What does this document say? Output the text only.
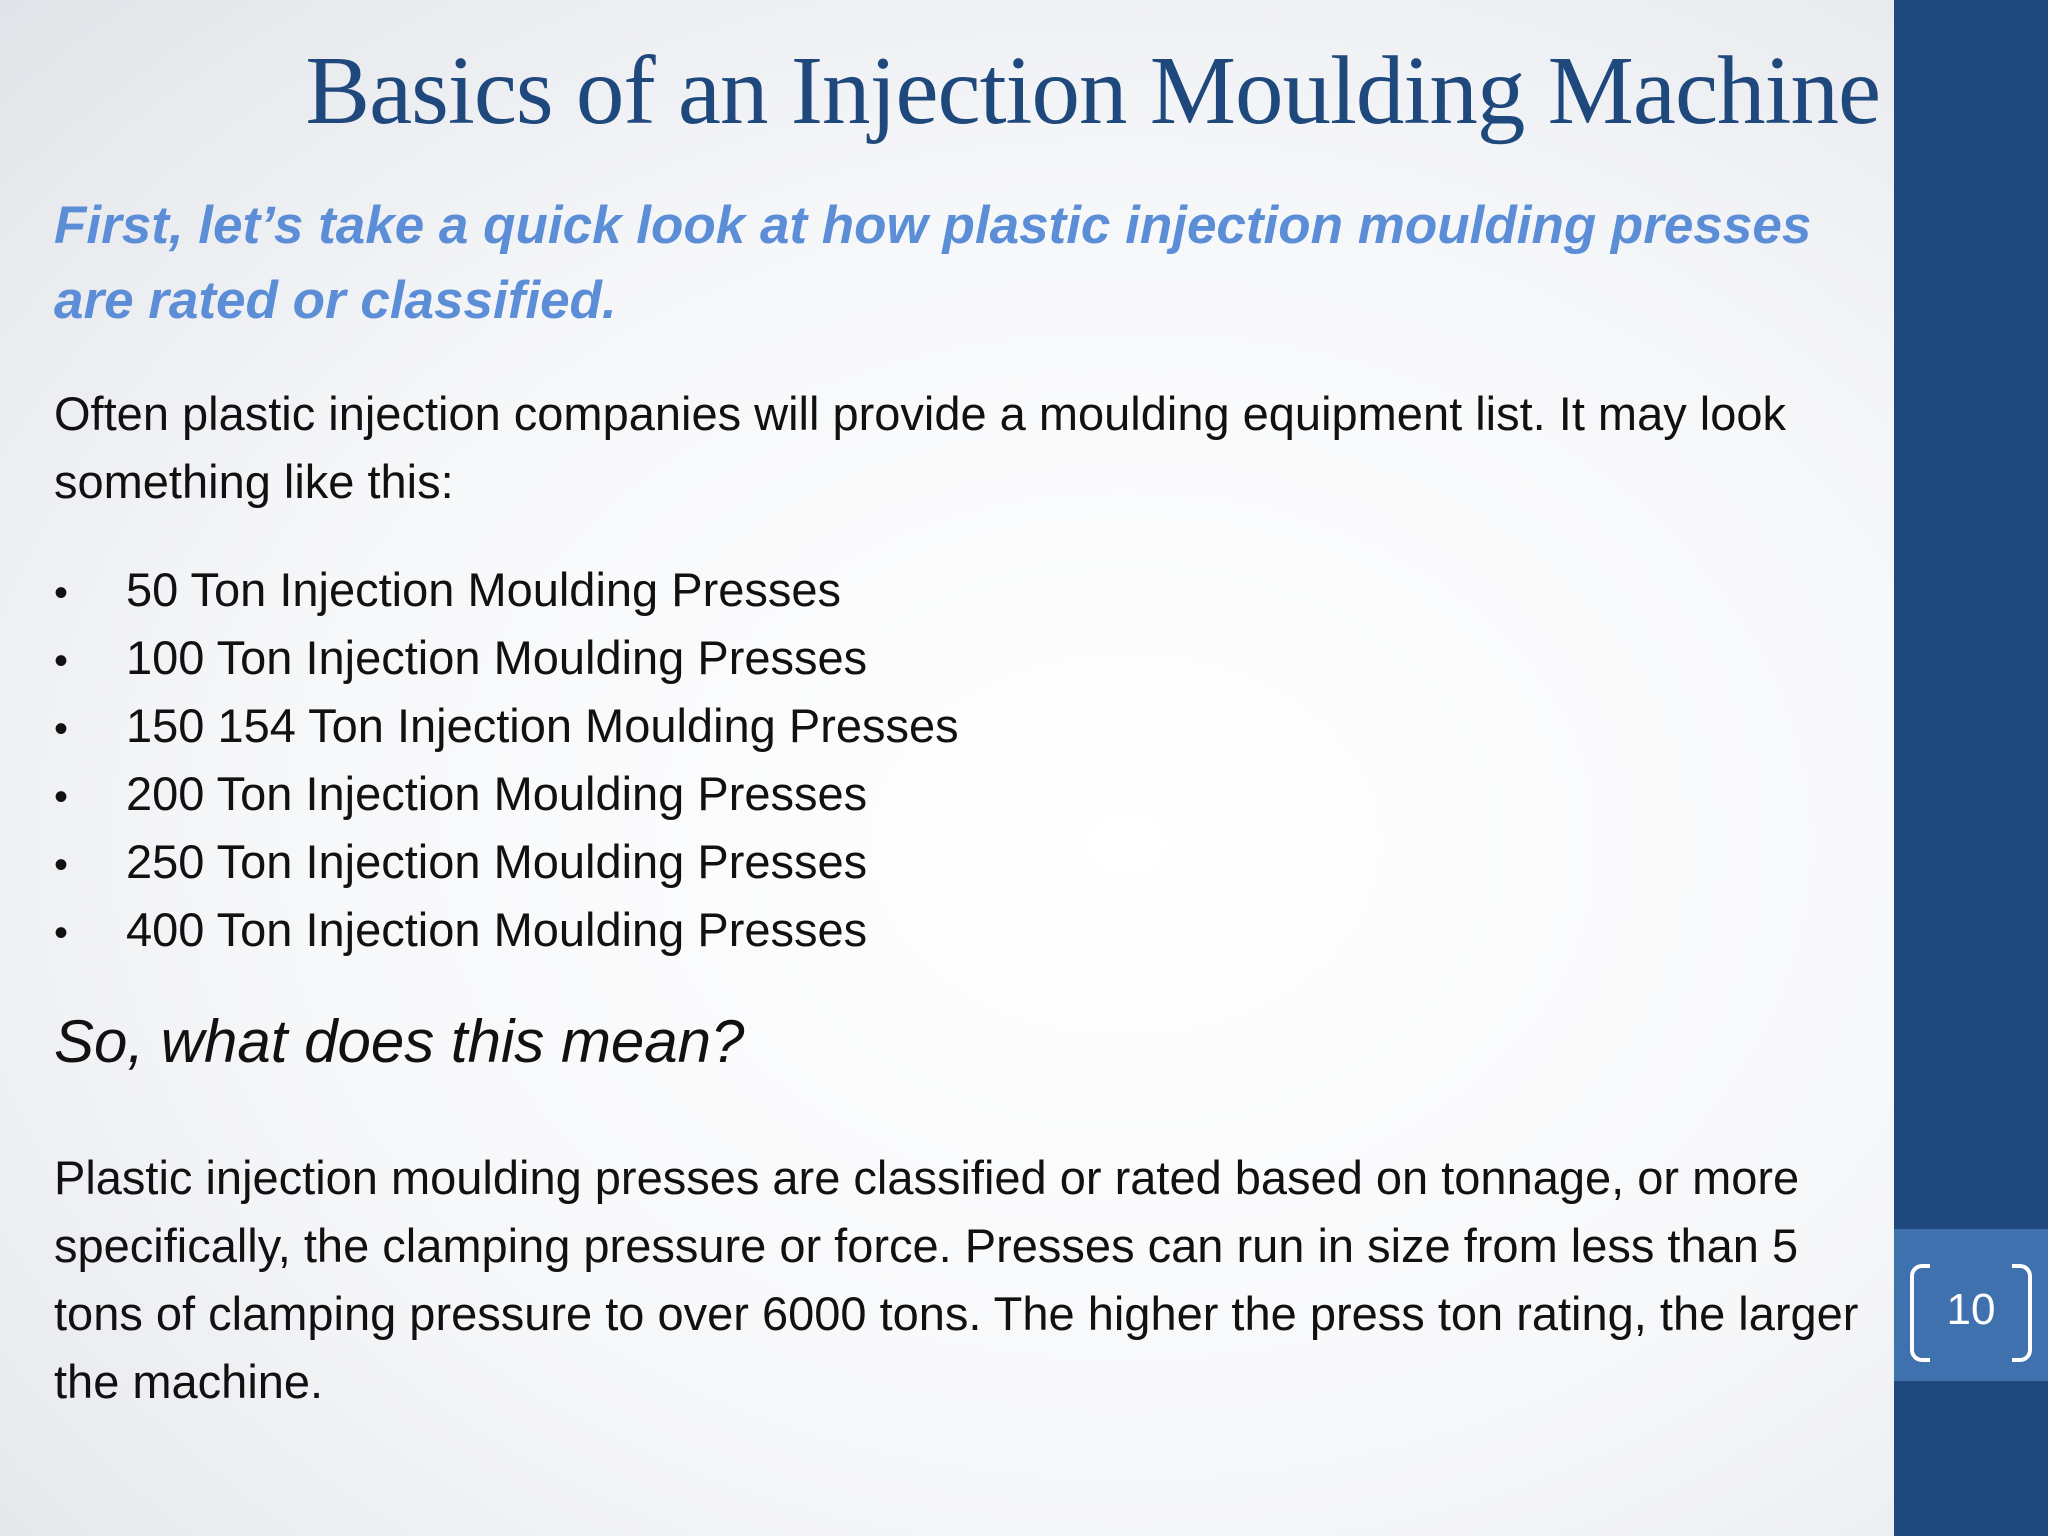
10
Basics of an Injection Moulding Machine

First, let’s take a quick look at how plastic injection moulding presses are rated or classified.

Often plastic injection companies will provide a moulding equipment list. It may look something like this:

•	50 Ton Injection Moulding Presses
•	100 Ton Injection Moulding Presses
•	150 154 Ton Injection Moulding Presses
•	200 Ton Injection Moulding Presses
•	250 Ton Injection Moulding Presses
•	400 Ton Injection Moulding Presses
So, what does this mean?

Plastic injection moulding presses are classified or rated based on tonnage, or more specifically, the clamping pressure or force. Presses can run in size from less than 5 tons of clamping pressure to over 6000 tons. The higher the press ton rating, the larger the machine.
